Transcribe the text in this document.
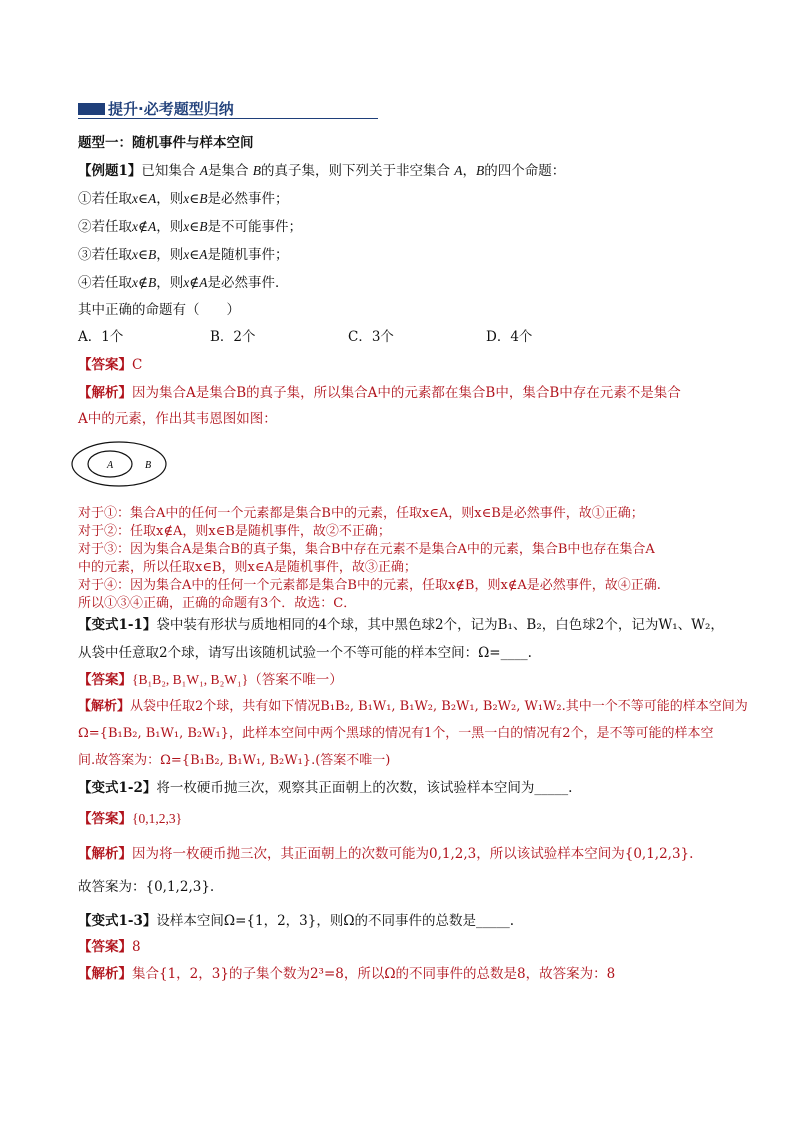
提升·必考题型归纳
题型一：随机事件与样本空间
【例题1】已知集合 A是集合 B的真子集，则下列关于非空集合 A，B的四个命题：
①若任取x∈A，则x∈B是必然事件；
②若任取x∉A，则x∈B是不可能事件；
③若任取x∈B，则x∈A是随机事件；
④若任取x∉B，则x∉A是必然事件．
其中正确的命题有（　　）
A．1个	B．2个	C．3个	D．4个
【答案】C
【解析】因为集合A是集合B的真子集，所以集合A中的元素都在集合B中，集合B中存在元素不是集合
A中的元素，作出其韦恩图如图：
A	B
对于①：集合A中的任何一个元素都是集合B中的元素，任取x∈A，则x∈B是必然事件，故①正确；
对于②：任取x∉A，则x∈B是随机事件，故②不正确；
对于③：因为集合A是集合B的真子集，集合B中存在元素不是集合A中的元素，集合B中也存在集合A
中的元素，所以任取x∈B，则x∈A是随机事件，故③正确；
对于④：因为集合A中的任何一个元素都是集合B中的元素，任取x∉B，则x∉A是必然事件，故④正确.
所以①③④正确，正确的命题有3个．故选：C．
【变式1-1】袋中装有形状与质地相同的4个球，其中黑色球2个，记为B₁、B₂，白色球2个，记为W₁、W₂，
从袋中任意取2个球，请写出该随机试验一个不等可能的样本空间：Ω=____.
【答案】{B₁B₂, B₁W₁, B₂W₁}（答案不唯一）
【解析】从袋中任取2个球，共有如下情况B₁B₂, B₁W₁, B₁W₂, B₂W₁, B₂W₂, W₁W₂.其中一个不等可能的样本空间为
Ω={B₁B₂, B₁W₁, B₂W₁}，此样本空间中两个黑球的情况有1个，一黑一白的情况有2个，是不等可能的样本空
间.故答案为：Ω={B₁B₂, B₁W₁, B₂W₁}.(答案不唯一)
【变式1-2】将一枚硬币抛三次，观察其正面朝上的次数，该试验样本空间为_____.
【答案】{0,1,2,3}
【解析】因为将一枚硬币抛三次，其正面朝上的次数可能为0,1,2,3，所以该试验样本空间为{0,1,2,3}.
故答案为：{0,1,2,3}.
【变式1-3】设样本空间Ω={1，2，3}，则Ω的不同事件的总数是_____.
【答案】8
【解析】集合{1，2，3}的子集个数为2³=8，所以Ω的不同事件的总数是8，故答案为：8
